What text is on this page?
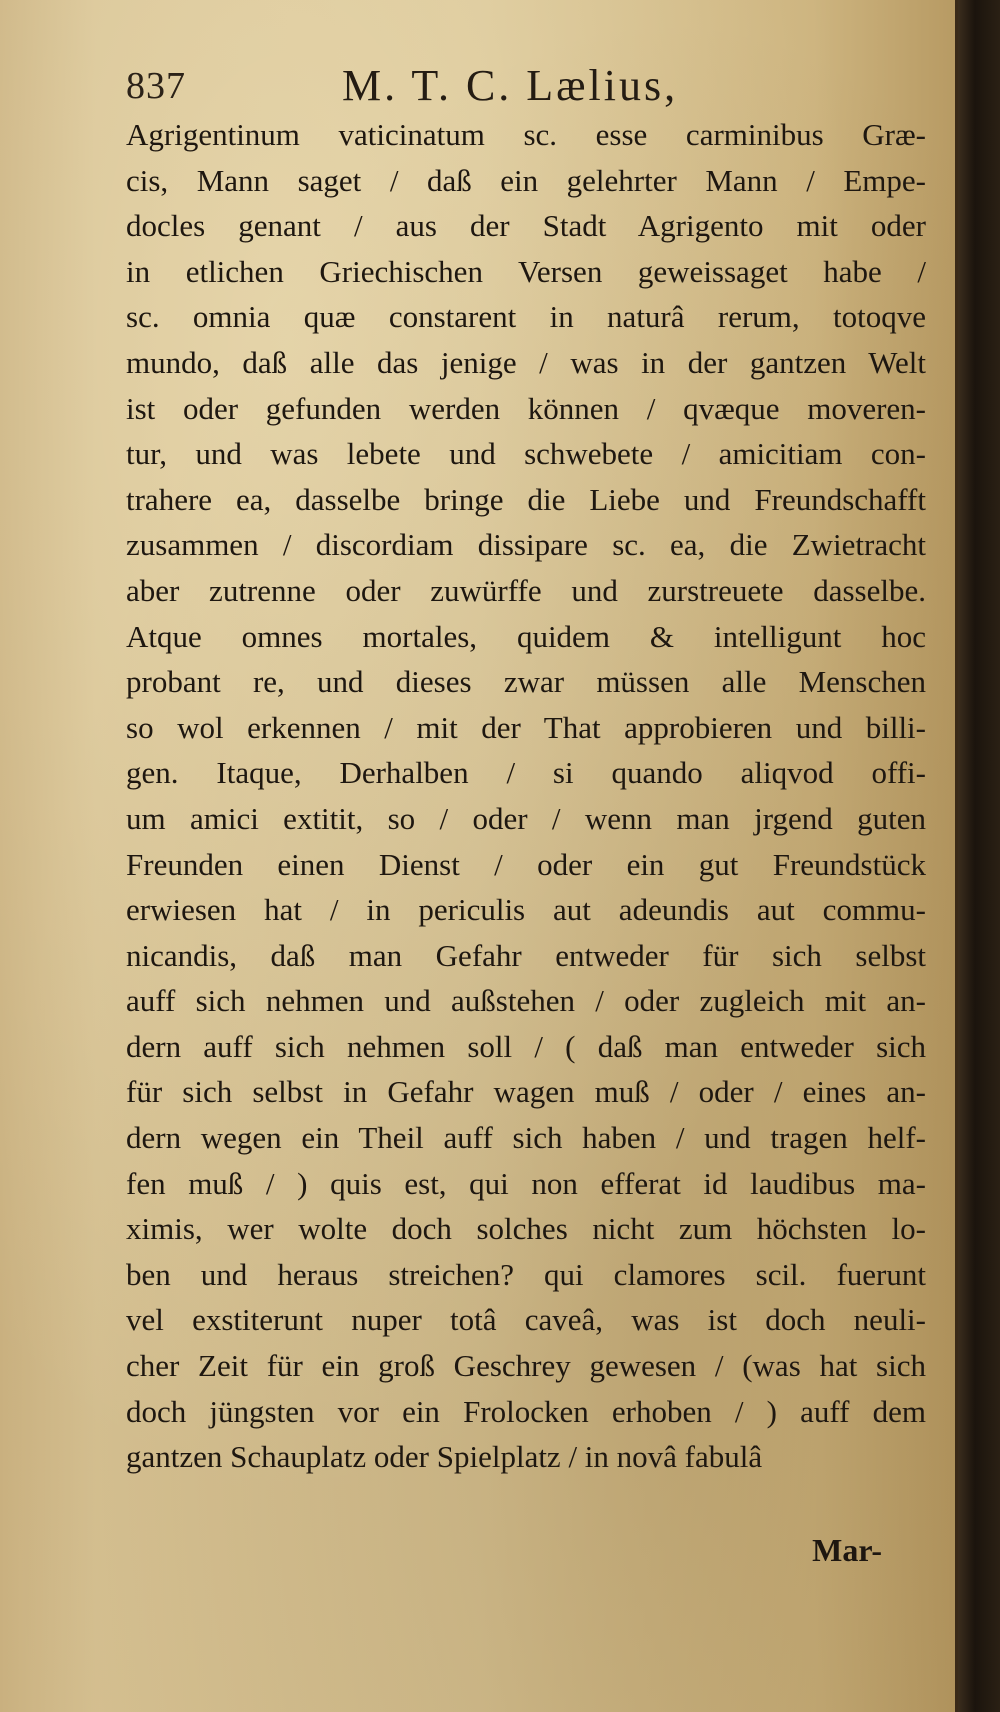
837	M. T. C. Lælius,
Agrigentinum vaticinatum sc. esse carminibus Græ-
cis, Mann saget / daß ein gelehrter Mann / Empe-
docles genant / aus der Stadt Agrigento mit oder
in etlichen Griechischen Versen geweissaget habe /
sc. omnia quæ constarent in naturâ rerum, totoqve
mundo, daß alle das jenige / was in der gantzen Welt
ist oder gefunden werden können / qvæque moveren-
tur, und was lebete und schwebete / amicitiam con-
trahere ea, dasselbe bringe die Liebe und Freundschafft
zusammen / discordiam dissipare sc. ea, die Zwietracht
aber zutrenne oder zuwürffe und zurstreuete dasselbe.
Atque omnes mortales, quidem & intelligunt hoc
probant re, und dieses zwar müssen alle Menschen
so wol erkennen / mit der That approbieren und billi-
gen. Itaque, Derhalben / si quando aliqvod offi-
um amici extitit, so / oder / wenn man jrgend guten
Freunden einen Dienst / oder ein gut Freundstück
erwiesen hat / in periculis aut adeundis aut commu-
nicandis, daß man Gefahr entweder für sich selbst
auff sich nehmen und außstehen / oder zugleich mit an-
dern auff sich nehmen soll / ( daß man entweder sich
für sich selbst in Gefahr wagen muß / oder / eines an-
dern wegen ein Theil auff sich haben / und tragen helf-
fen muß / ) quis est, qui non efferat id laudibus ma-
ximis, wer wolte doch solches nicht zum höchsten lo-
ben und heraus streichen? qui clamores scil. fuerunt
vel exstiterunt nuper totâ caveâ, was ist doch neuli-
cher Zeit für ein groß Geschrey gewesen / (was hat sich
doch jüngsten vor ein Frolocken erhoben / ) auff dem
gantzen Schauplatz oder Spielplatz / in novâ fabulâ
Mar-
